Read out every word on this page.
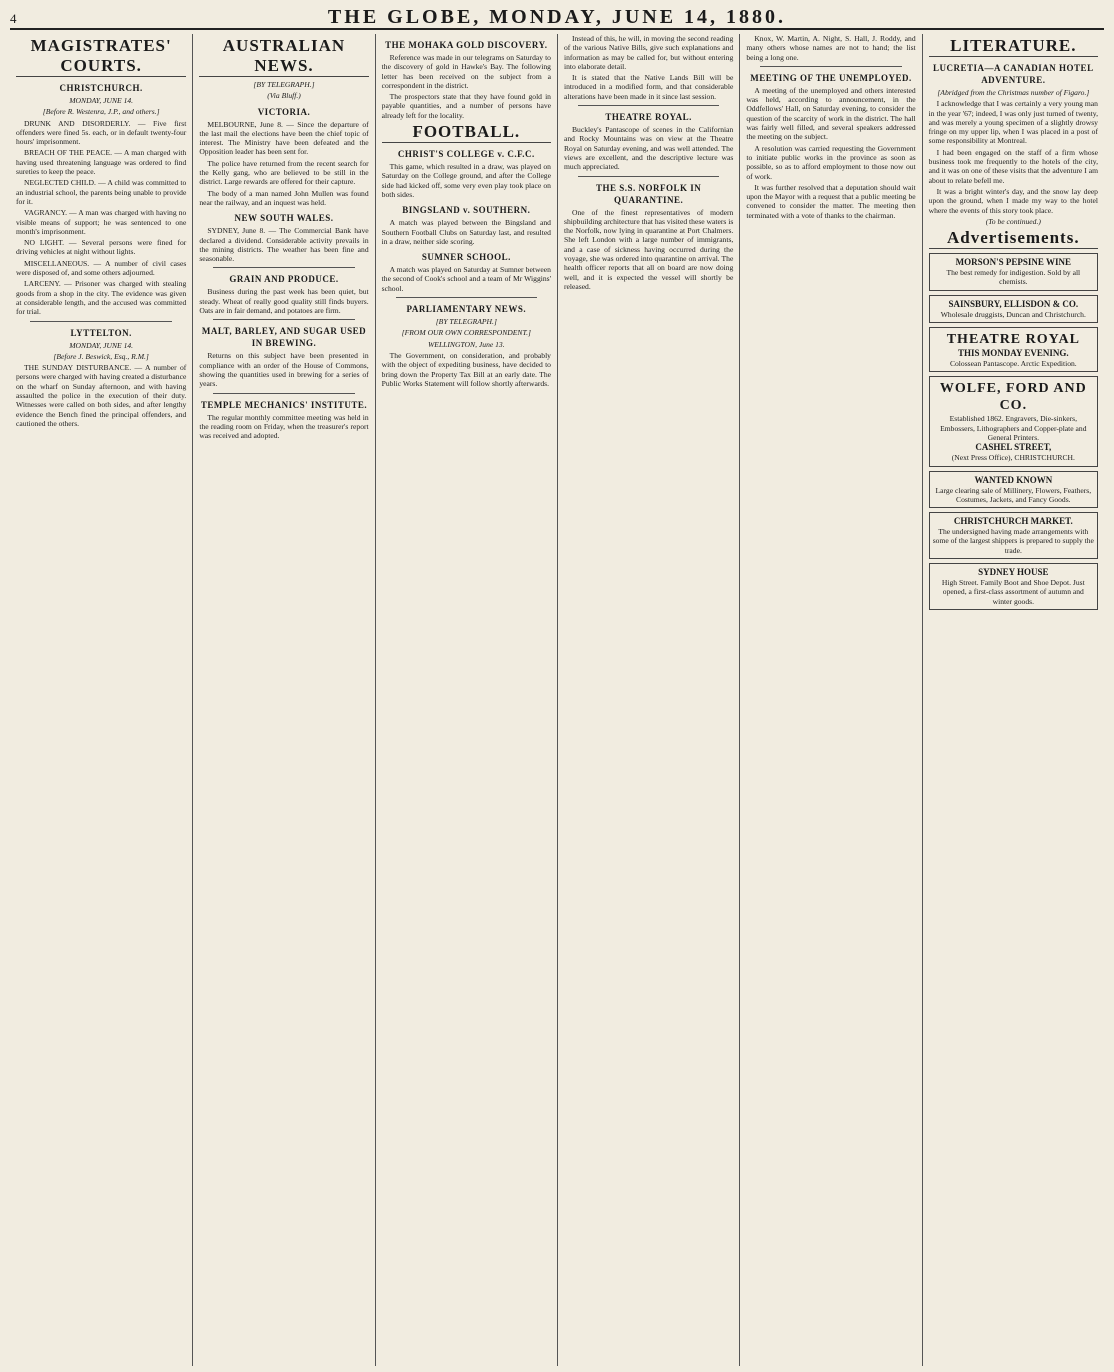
4	THE GLOBE, MONDAY, JUNE 14, 1880.
MAGISTRATES' COURTS.
CHRISTCHURCH.
MONDAY, JUNE 14.
[Before R. Westenra, J.P., and others.]

DRUNK AND DISORDERLY. — Five first offenders were fined 5s. each, or in default twenty-four hours' imprisonment.

BREACH OF THE PEACE. — A man charged with having used threatening language was ordered to find sureties to keep the peace.

NEGLECTED CHILD. — A child was committed to an industrial school, the parents being unable to provide for it.

VAGRANCY. — A man was charged with having no visible means of support; he was sentenced to one month's imprisonment.

NO LIGHT. — Several persons were fined for driving vehicles at night without lights.

MISCELLANEOUS. — A number of civil cases were disposed of, and some others adjourned.

LARCENY. — Prisoner was charged with stealing goods from a shop in the city. The evidence was given at considerable length, and the accused was committed for trial.

LYTTELTON.
MONDAY, JUNE 14.
[Before J. Beswick, Esq., R.M.]

THE SUNDAY DISTURBANCE. — A number of persons were charged with having created a disturbance on the wharf on Sunday afternoon, and with having assaulted the police in the execution of their duty. Witnesses were called on both sides, and after lengthy evidence the Bench fined the principal offenders, and cautioned the others.

AUSTRALIAN NEWS.
[BY TELEGRAPH.]
(Via Bluff.)
VICTORIA.

MELBOURNE, June 8. — Since the departure of the last mail the elections have been the chief topic of interest. The Ministry have been defeated and the Opposition leader has been sent for.

The police have returned from the recent search for the Kelly gang, who are believed to be still in the district. Large rewards are offered for their capture.

The body of a man named John Mullen was found near the railway, and an inquest was held.

NEW SOUTH WALES.

SYDNEY, June 8. — The Commercial Bank have declared a dividend. Considerable activity prevails in the mining districts. The weather has been fine and seasonable.

GRAIN AND PRODUCE.

Business during the past week has been quiet, but steady. Wheat of really good quality still finds buyers. Oats are in fair demand, and potatoes are firm.

MALT, BARLEY, AND SUGAR USED IN BREWING.

Returns on this subject have been presented in compliance with an order of the House of Commons, showing the quantities used in brewing for a series of years.

TEMPLE MECHANICS' INSTITUTE.

The regular monthly committee meeting was held in the reading room on Friday, when the treasurer's report was received and adopted.

THE MOHAKA GOLD DISCOVERY.

Reference was made in our telegrams on Saturday to the discovery of gold in Hawke's Bay. The following letter has been received on the subject from a correspondent in the district.

The prospectors state that they have found gold in payable quantities, and a number of persons have already left for the locality.

FOOTBALL.
CHRIST'S COLLEGE v. C.F.C.

This game, which resulted in a draw, was played on Saturday on the College ground, and after the College side had kicked off, some very even play took place on both sides.

BINGSLAND v. SOUTHERN.

A match was played between the Bingsland and Southern Football Clubs on Saturday last, and resulted in a draw, neither side scoring.

SUMNER SCHOOL.

A match was played on Saturday at Sumner between the second of Cook's school and a team of Mr Wiggins' school.

PARLIAMENTARY NEWS.
[BY TELEGRAPH.]
[FROM OUR OWN CORRESPONDENT.]
WELLINGTON, June 13.

The Government, on consideration, and probably with the object of expediting business, have decided to bring down the Property Tax Bill at an early date. The Public Works Statement will follow shortly afterwards.

Instead of this, he will, in moving the second reading of the various Native Bills, give such explanations and information as may be called for, but without entering into elaborate detail.

It is stated that the Native Lands Bill will be introduced in a modified form, and that considerable alterations have been made in it since last session.

THEATRE ROYAL.

Buckley's Pantascope of scenes in the Californian and Rocky Mountains was on view at the Theatre Royal on Saturday evening, and was well attended. The views are excellent, and the descriptive lecture was much appreciated.

THE S.S. NORFOLK IN QUARANTINE.

One of the finest representatives of modern shipbuilding architecture that has visited these waters is the Norfolk, now lying in quarantine at Port Chalmers. She left London with a large number of immigrants, and a case of sickness having occurred during the voyage, she was ordered into quarantine on arrival. The health officer reports that all on board are now doing well, and it is expected the vessel will shortly be released.

Knox, W. Martin, A. Night, S. Hall, J. Roddy, and many others whose names are not to hand; the list being a long one.

MEETING OF THE UNEMPLOYED.

A meeting of the unemployed and others interested was held, according to announcement, in the Oddfellows' Hall, on Saturday evening, to consider the question of the scarcity of work in the district. The hall was fairly well filled, and several speakers addressed the meeting on the subject.

A resolution was carried requesting the Government to initiate public works in the province as soon as possible, so as to afford employment to those now out of work.

It was further resolved that a deputation should wait upon the Mayor with a request that a public meeting be convened to consider the matter. The meeting then terminated with a vote of thanks to the chairman.

LITERATURE.
LUCRETIA—A CANADIAN HOTEL ADVENTURE.
[Abridged from the Christmas number of Figaro.]

I acknowledge that I was certainly a very young man in the year '67; indeed, I was only just turned of twenty, and was merely a young specimen of a slightly drowsy fringe on my upper lip, when I was placed in a post of some responsibility at Montreal.

I had been engaged on the staff of a firm whose business took me frequently to the hotels of the city, and it was on one of these visits that the adventure I am about to relate befell me.

It was a bright winter's day, and the snow lay deep upon the ground, when I made my way to the hotel where the events of this story took place.

(To be continued.)
Advertisements.
MORSON'S PEPSINE WINE
The best remedy for indigestion. Sold by all chemists.
SAINSBURY, ELLISDON & CO.
Wholesale druggists, Duncan and Christchurch.
THEATRE ROYAL
THIS MONDAY EVENING.
Colossean Pantascope. Arctic Expedition.
WOLFE, FORD AND CO.
Established 1862. Engravers, Die-sinkers, Embossers, Lithographers and Copper-plate and General Printers.
CASHEL STREET,
(Next Press Office), CHRISTCHURCH.
WANTED KNOWN
Large clearing sale of Millinery, Flowers, Feathers, Costumes, Jackets, and Fancy Goods.
CHRISTCHURCH MARKET.
The undersigned having made arrangements with some of the largest shippers is prepared to supply the trade.
SYDNEY HOUSE
High Street. Family Boot and Shoe Depot. Just opened, a first-class assortment of autumn and winter goods.
